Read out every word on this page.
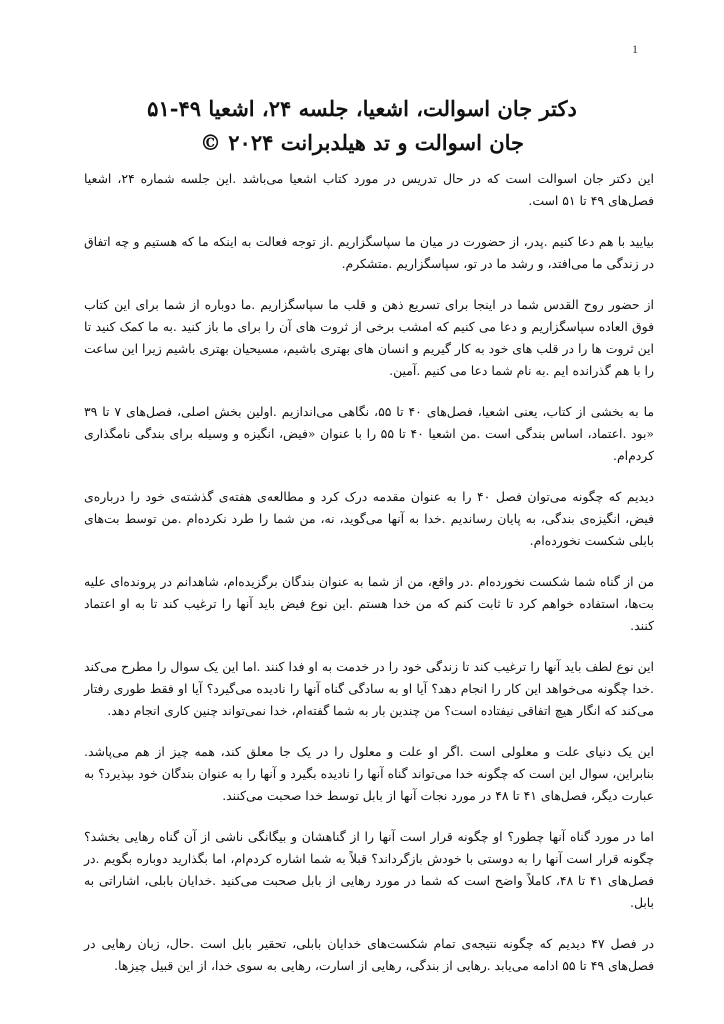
1

دکتر جان اسوالت، اشعیا، جلسه ۲۴، اشعیا ۴۹-۵۱

جان اسوالت و تد هیلدبرانت ۲۰۲۴ ©

این دکتر جان اسوالت است که در حال تدریس در مورد کتاب اشعیا می‌باشد .این جلسه شماره ۲۴، اشعیا فصل‌های ۴۹ تا ۵۱ است.

بیایید با هم دعا کنیم .پدر، از حضورت در میان ما سپاسگزاریم .از توجه فعالت به اینکه ما که هستیم و چه اتفاق در زندگی ما می‌افتد، و رشد ما در تو، سپاسگزاریم .متشکرم.

از حضور روح القدس شما در اینجا برای تسریع ذهن و قلب ما سپاسگزاریم .ما دوباره از شما برای این کتاب فوق العاده سپاسگزاریم و دعا می کنیم که امشب برخی از ثروت های آن را برای ما باز کنید .به ما کمک کنید تا این ثروت ها را در قلب های خود به کار گیریم و انسان های بهتری باشیم، مسیحیان بهتری باشیم زیرا این ساعت را با هم گذرانده ایم .به نام شما دعا می کنیم .آمین.

ما به بخشی از کتاب، یعنی اشعیا، فصل‌های ۴۰ تا ۵۵، نگاهی می‌اندازیم .اولین بخش اصلی، فصل‌های ۷ تا ۳۹ «بود .اعتماد، اساس بندگی است .من اشعیا ۴۰ تا ۵۵ را با عنوان «فیض، انگیزه و وسیله برای بندگی نامگذاری کردم‌ام.

دیدیم که چگونه می‌توان فصل ۴۰ را به عنوان مقدمه درک کرد و مطالعه‌ی هفته‌ی گذشته‌ی خود را درباره‌ی فیض، انگیزه‌ی بندگی، به پایان رساندیم .خدا به آنها می‌گوید، نه، من شما را طرد نکرده‌ام .من توسط بت‌های بابلی شکست نخورده‌ام.

من از گناه شما شکست نخورده‌ام .در واقع، من از شما به عنوان بندگان برگزیده‌ام، شاهدانم در پرونده‌ای علیه بت‌ها، استفاده خواهم کرد تا ثابت کنم که من خدا هستم .این نوع فیض باید آنها را ترغیب کند تا به او اعتماد کنند.

این نوع لطف باید آنها را ترغیب کند تا زندگی خود را در خدمت به او فدا کنند .اما این یک سوال را مطرح می‌کند .خدا چگونه می‌خواهد این کار را انجام دهد؟ آیا او به سادگی گناه آنها را نادیده می‌گیرد؟ آیا او فقط طوری رفتار می‌کند که انگار هیچ اتفاقی نیفتاده است؟ من چندین بار به شما گفته‌ام، خدا نمی‌تواند چنین کاری انجام دهد.

این یک دنیای علت و معلولی است .اگر او علت و معلول را در یک جا معلق کند، همه چیز از هم می‌پاشد. بنابراین، سوال این است که چگونه خدا می‌تواند گناه آنها را نادیده بگیرد و آنها را به عنوان بندگان خود بپذیرد؟ به عبارت دیگر، فصل‌های ۴۱ تا ۴۸ در مورد نجات آنها از بابل توسط خدا صحبت می‌کنند.

اما در مورد گناه آنها چطور؟ او چگونه قرار است آنها را از گناهشان و بیگانگی ناشی از آن گناه رهایی بخشد؟ چگونه قرار است آنها را به دوستی با خودش بازگرداند؟ قبلاً به شما اشاره کردم‌ام، اما بگذارید دوباره بگویم .در فصل‌های ۴۱ تا ۴۸، کاملاً واضح است که شما در مورد رهایی از بابل صحبت می‌کنید .خدایان بابلی، اشاراتی به بابل.

در فصل ۴۷ دیدیم که چگونه نتیجه‌ی تمام شکست‌های خدایان بابلی، تحقیر بابل است .حال، زبان رهایی در فصل‌های ۴۹ تا ۵۵ ادامه می‌یابد .رهایی از بندگی، رهایی از اسارت، رهایی به سوی خدا، از این قبیل چیزها.
